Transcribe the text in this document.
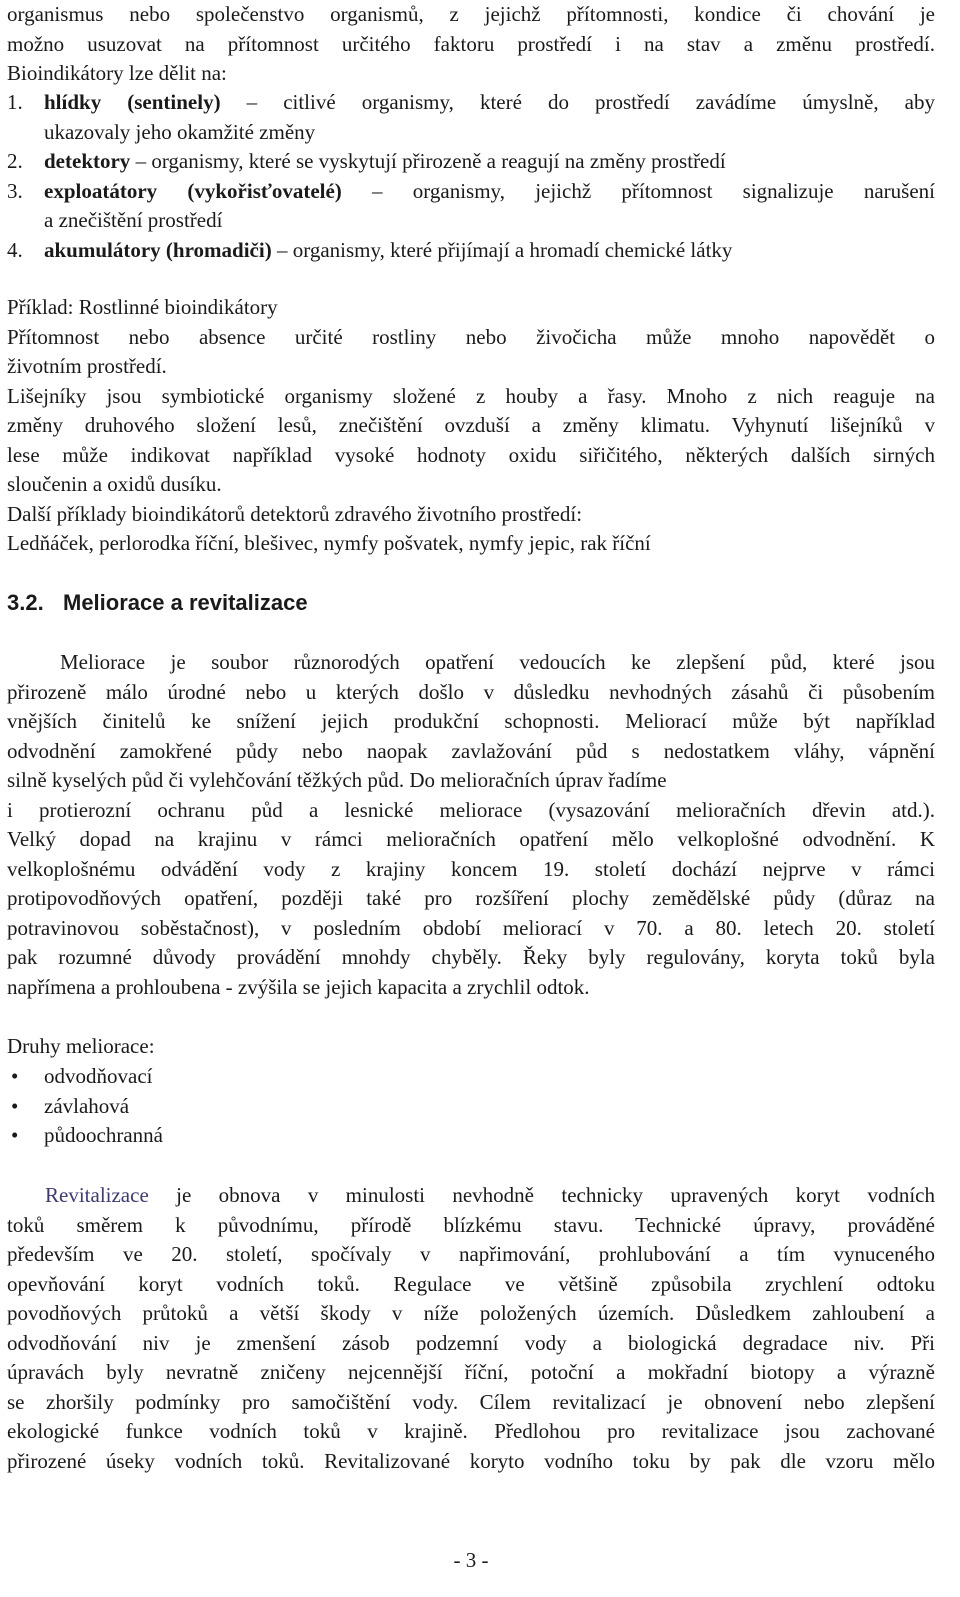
organismus nebo společenstvo organismů, z jejichž přítomnosti, kondice či chování je
možno usuzovat na přítomnost určitého faktoru prostředí i na stav a změnu prostředí.
Bioindikátory lze dělit na:
1. hlídky (sentinely) – citlivé organismy, které do prostředí zavádíme úmyslně, aby
ukazovaly jeho okamžité změny
2. detektory – organismy, které se vyskytují přirozeně a reagují na změny prostředí
3. exploatátory (vykořisťovatelé) – organismy, jejichž přítomnost signalizuje narušení
a znečištění prostředí
4. akumulátory (hromadiči) – organismy, které přijímají a hromadí chemické látky
Příklad: Rostlinné bioindikátory
Přítomnost nebo absence určité rostliny nebo živočicha může mnoho napovědět o
životním prostředí.
Lišejníky jsou symbiotické organismy složené z houby a řasy. Mnoho z nich reaguje na
změny druhového složení lesů, znečištění ovzduší a změny klimatu. Vyhynutí lišejníků v
lese může indikovat například vysoké hodnoty oxidu siřičitého, některých dalších sirných
sloučenin a oxidů dusíku.
Další příklady bioindikátorů detektorů zdravého životního prostředí:
Ledňáček, perlorodka říční, blešivec, nymfy pošvatek, nymfy jepic, rak říční
3.2. Meliorace a revitalizace
Meliorace je soubor různorodých opatření vedoucích ke zlepšení půd, které jsou
přirozeně málo úrodné nebo u kterých došlo v důsledku nevhodných zásahů či působením
vnějších činitelů ke snížení jejich produkční schopnosti. Meliorací může být například
odvodnění zamokřené půdy nebo naopak zavlažování půd s nedostatkem vláhy, vápnění
silně kyselých půd či vylehčování těžkých půd. Do melioračních úprav řadíme
i protierozní ochranu půd a lesnické meliorace (vysazování melioračních dřevin atd.).
Velký dopad na krajinu v rámci melioračních opatření mělo velkoplošné odvodnění. K
velkoplošnému odvádění vody z krajiny koncem 19. století dochází nejprve v rámci
protipovodňových opatření, později také pro rozšíření plochy zemědělské půdy (důraz na
potravinovou soběstačnost), v posledním období meliorací v 70. a 80. letech 20. století
pak rozumné důvody provádění mnohdy chyběly. Řeky byly regulovány, koryta toků byla
napřímena a prohloubena - zvýšila se jejich kapacita a zrychlil odtok.
Druhy meliorace:
• odvodňovací
• závlahová
• půdoochranná
Revitalizace je obnova v minulosti nevhodně technicky upravených koryt vodních
toků směrem k původnímu, přírodě blízkému stavu. Technické úpravy, prováděné
především ve 20. století, spočívaly v napřimování, prohlubování a tím vynuceného
opevňování koryt vodních toků. Regulace ve většině způsobila zrychlení odtoku
povodňových průtoků a větší škody v níže položených územích. Důsledkem zahloubení a
odvodňování niv je zmenšení zásob podzemní vody a biologická degradace niv. Při
úpravách byly nevratně zničeny nejcennější říční, potoční a mokřadní biotopy a výrazně
se zhoršily podmínky pro samočištění vody. Cílem revitalizací je obnovení nebo zlepšení
ekologické funkce vodních toků v krajině. Předlohou pro revitalizace jsou zachované
přirozené úseky vodních toků. Revitalizované koryto vodního toku by pak dle vzoru mělo
- 3 -
